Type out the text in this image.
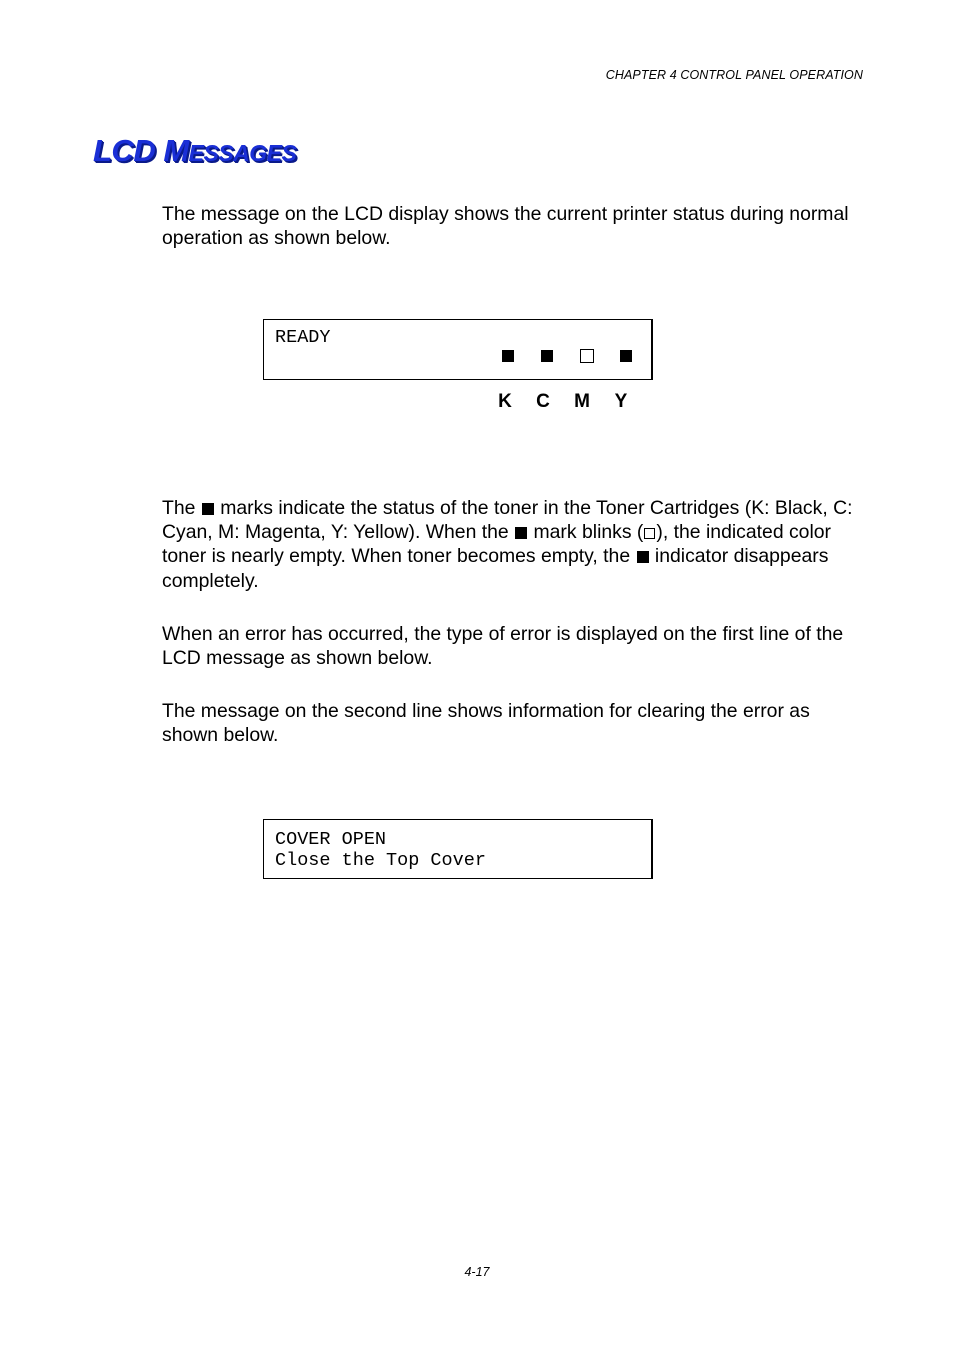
CHAPTER 4 CONTROL PANEL OPERATION
LCD MESSAGES
The message on the LCD display shows the current printer status during normal operation as shown below.
READY
K C M Y
The  marks indicate the status of the toner in the Toner Cartridges (K: Black, C: Cyan, M: Magenta, Y: Yellow). When the  mark blinks ( ), the indicated color toner is nearly empty. When toner becomes empty, the  indicator disappears completely.
When an error has occurred, the type of error is displayed on the first line of the LCD message as shown below.
The message on the second line shows information for clearing the error as shown below.
COVER OPEN
Close the Top Cover
4-17
